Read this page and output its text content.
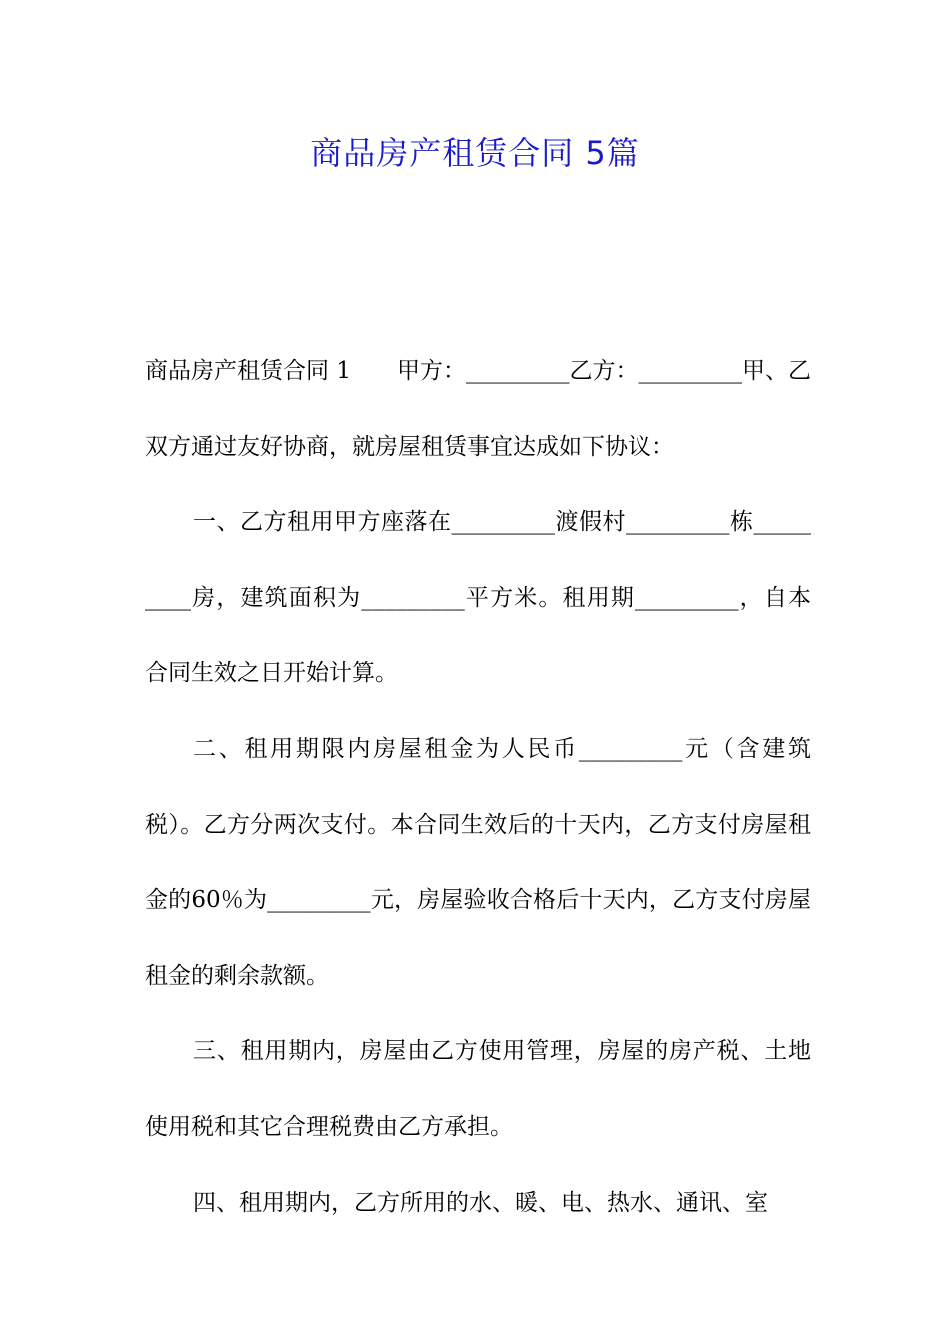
商品房产租赁合同 5篇

商品房产租赁合同 1　　甲方：_________乙方：_________甲、乙双方通过友好协商，就房屋租赁事宜达成如下协议：

一、乙方租用甲方座落在_________渡假村_________栋_________房，建筑面积为_________平方米。租用期_________，自本合同生效之日开始计算。

二、租用期限内房屋租金为人民币_________元（含建筑税）。乙方分两次支付。本合同生效后的十天内，乙方支付房屋租金的60％为_________元，房屋验收合格后十天内，乙方支付房屋租金的剩余款额。

三、租用期内，房屋由乙方使用管理，房屋的房产税、土地使用税和其它合理税费由乙方承担。

四、租用期内，乙方所用的水、暖、电、热水、通讯、室
